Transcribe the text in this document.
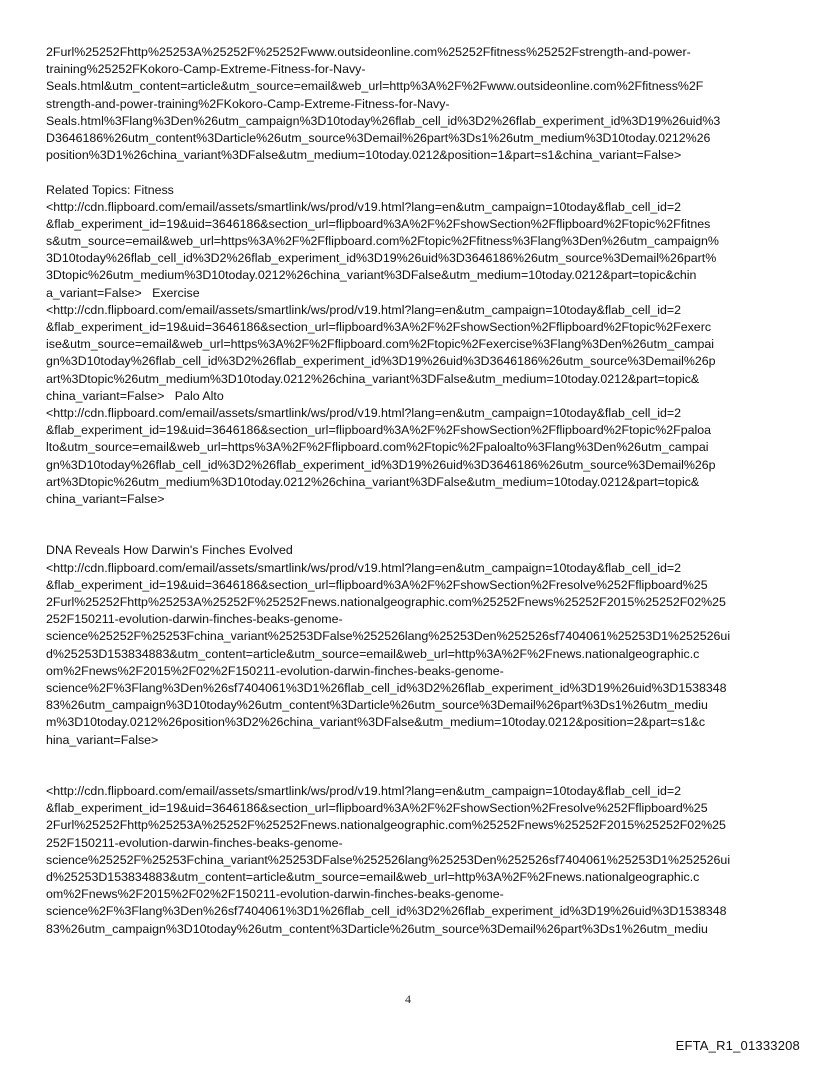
2Furl%25252Fhttp%25253A%25252F%25252Fwww.outsideonline.com%25252Ffitness%25252Fstrength-and-power-
training%25252FKokoro-Camp-Extreme-Fitness-for-Navy-
Seals.html&utm_content=article&utm_source=email&web_url=http%3A%2F%2Fwww.outsideonline.com%2Ffitness%2F
strength-and-power-training%2FKokoro-Camp-Extreme-Fitness-for-Navy-
Seals.html%3Flang%3Den%26utm_campaign%3D10today%26flab_cell_id%3D2%26flab_experiment_id%3D19%26uid%3
D3646186%26utm_content%3Darticle%26utm_source%3Demail%26part%3Ds1%26utm_medium%3D10today.0212%26
position%3D1%26china_variant%3DFalse&utm_medium=10today.0212&position=1&part=s1&china_variant=False>
Related Topics: Fitness
<http://cdn.flipboard.com/email/assets/smartlink/ws/prod/v19.html?lang=en&utm_campaign=10today&flab_cell_id=2
&flab_experiment_id=19&uid=3646186&section_url=flipboard%3A%2F%2FshowSection%2Fflipboard%2Ftopic%2Ffitnes
s&utm_source=email&web_url=https%3A%2F%2Fflipboard.com%2Ftopic%2Ffitness%3Flang%3Den%26utm_campaign%
3D10today%26flab_cell_id%3D2%26flab_experiment_id%3D19%26uid%3D3646186%26utm_source%3Demail%26part%
3Dtopic%26utm_medium%3D10today.0212%26china_variant%3DFalse&utm_medium=10today.0212&part=topic&chin
a_variant=False>   Exercise
<http://cdn.flipboard.com/email/assets/smartlink/ws/prod/v19.html?lang=en&utm_campaign=10today&flab_cell_id=2
&flab_experiment_id=19&uid=3646186&section_url=flipboard%3A%2F%2FshowSection%2Fflipboard%2Ftopic%2Fexerc
ise&utm_source=email&web_url=https%3A%2F%2Fflipboard.com%2Ftopic%2Fexercise%3Flang%3Den%26utm_campai
gn%3D10today%26flab_cell_id%3D2%26flab_experiment_id%3D19%26uid%3D3646186%26utm_source%3Demail%26p
art%3Dtopic%26utm_medium%3D10today.0212%26china_variant%3DFalse&utm_medium=10today.0212&part=topic&
china_variant=False>   Palo Alto
<http://cdn.flipboard.com/email/assets/smartlink/ws/prod/v19.html?lang=en&utm_campaign=10today&flab_cell_id=2
&flab_experiment_id=19&uid=3646186&section_url=flipboard%3A%2F%2FshowSection%2Fflipboard%2Ftopic%2Fpaloa
lto&utm_source=email&web_url=https%3A%2F%2Fflipboard.com%2Ftopic%2Fpaloalto%3Flang%3Den%26utm_campai
gn%3D10today%26flab_cell_id%3D2%26flab_experiment_id%3D19%26uid%3D3646186%26utm_source%3Demail%26p
art%3Dtopic%26utm_medium%3D10today.0212%26china_variant%3DFalse&utm_medium=10today.0212&part=topic&
china_variant=False>
DNA Reveals How Darwin's Finches Evolved
<http://cdn.flipboard.com/email/assets/smartlink/ws/prod/v19.html?lang=en&utm_campaign=10today&flab_cell_id=2
&flab_experiment_id=19&uid=3646186&section_url=flipboard%3A%2F%2FshowSection%2Fresolve%252Fflipboard%25
2Furl%25252Fhttp%25253A%25252F%25252Fnews.nationalgeographic.com%25252Fnews%25252F2015%25252F02%25
252F150211-evolution-darwin-finches-beaks-genome-
science%25252F%25253Fchina_variant%25253DFalse%252526lang%25253Den%252526sf7404061%25253D1%252526ui
d%25253D153834883&utm_content=article&utm_source=email&web_url=http%3A%2F%2Fnews.nationalgeographic.c
om%2Fnews%2F2015%2F02%2F150211-evolution-darwin-finches-beaks-genome-
science%2F%3Flang%3Den%26sf7404061%3D1%26flab_cell_id%3D2%26flab_experiment_id%3D19%26uid%3D1538348
83%26utm_campaign%3D10today%26utm_content%3Darticle%26utm_source%3Demail%26part%3Ds1%26utm_mediu
m%3D10today.0212%26position%3D2%26china_variant%3DFalse&utm_medium=10today.0212&position=2&part=s1&c
hina_variant=False>
<http://cdn.flipboard.com/email/assets/smartlink/ws/prod/v19.html?lang=en&utm_campaign=10today&flab_cell_id=2
&flab_experiment_id=19&uid=3646186&section_url=flipboard%3A%2F%2FshowSection%2Fresolve%252Fflipboard%25
2Furl%25252Fhttp%25253A%25252F%25252Fnews.nationalgeographic.com%25252Fnews%25252F2015%25252F02%25
252F150211-evolution-darwin-finches-beaks-genome-
science%25252F%25253Fchina_variant%25253DFalse%252526lang%25253Den%252526sf7404061%25253D1%252526ui
d%25253D153834883&utm_content=article&utm_source=email&web_url=http%3A%2F%2Fnews.nationalgeographic.c
om%2Fnews%2F2015%2F02%2F150211-evolution-darwin-finches-beaks-genome-
science%2F%3Flang%3Den%26sf7404061%3D1%26flab_cell_id%3D2%26flab_experiment_id%3D19%26uid%3D1538348
83%26utm_campaign%3D10today%26utm_content%3Darticle%26utm_source%3Demail%26part%3Ds1%26utm_mediu
4
EFTA_R1_01333208
